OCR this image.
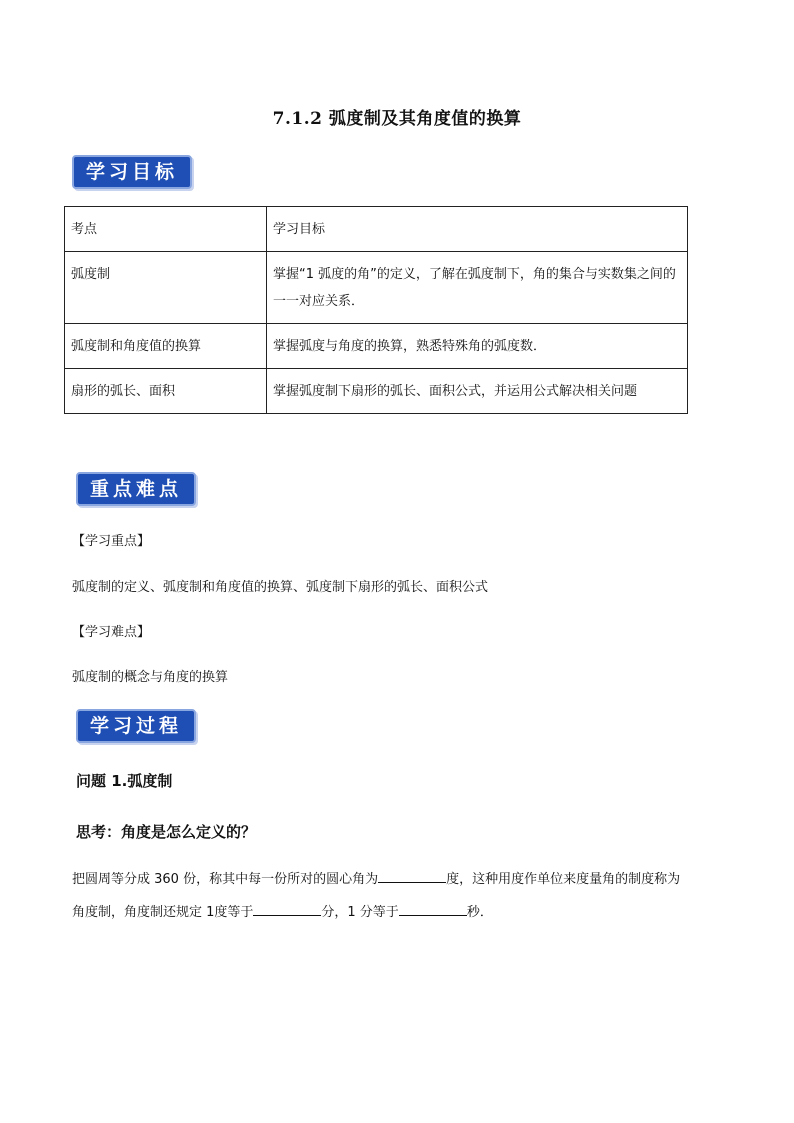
7.1.2 弧度制及其角度值的换算
学习目标
考点	学习目标
弧度制	掌握“1 弧度的角”的定义，了解在弧度制下，角的集合与实数集之间的一一对应关系．
弧度制和角度值的换算	掌握弧度与角度的换算，熟悉特殊角的弧度数．
扇形的弧长、面积	掌握弧度制下扇形的弧长、面积公式，并运用公式解决相关问题
重点难点
【学习重点】
弧度制的定义、弧度制和角度值的换算、弧度制下扇形的弧长、面积公式
【学习难点】
弧度制的概念与角度的换算
学习过程
问题 1.弧度制
思考：角度是怎么定义的？
把圆周等分成 360 份，称其中每一份所对的圆心角为	度，这种用度作单位来度量角的制度称为
角度制，角度制还规定 1度等于	分，1 分等于	秒．
